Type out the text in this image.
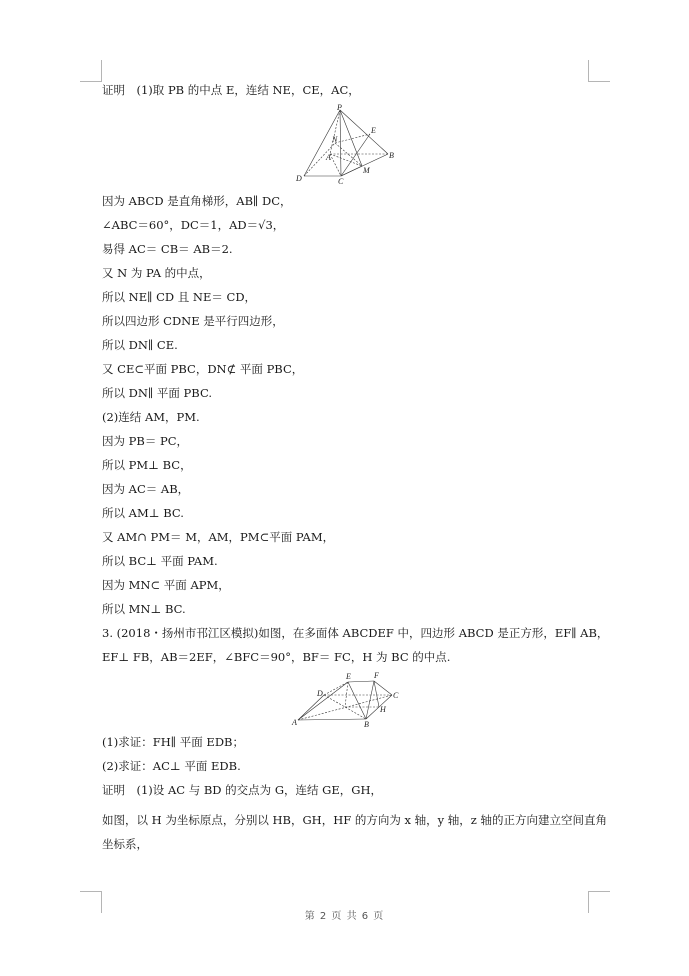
证明　(1)取 PB 的中点 E，连结 NE，CE，AC，
P
E
N
A	B
D	C
M
因为 ABCD 是直角梯形，AB∥ DC，
∠ABC＝60°，DC＝1，AD＝√3，
易得 AC＝ CB＝ AB＝2.
又 N 为 PA 的中点，
所以 NE∥ CD 且 NE＝ CD，
所以四边形 CDNE 是平行四边形，
所以 DN∥ CE.
又 CE⊂平面 PBC，DN⊄ 平面 PBC，
所以 DN∥ 平面 PBC.
(2)连结 AM，PM.
因为 PB＝ PC，
所以 PM⊥ BC，
因为 AC＝ AB，
所以 AM⊥ BC.
又 AM∩ PM＝ M，AM，PM⊂平面 PAM，
所以 BC⊥ 平面 PAM.
因为 MN⊂ 平面 APM，
所以 MN⊥ BC.
3. (2018・扬州市邗江区模拟)如图，在多面体 ABCDEF 中，四边形 ABCD 是正方形，EF∥ AB，
EF⊥ FB，AB＝2EF，∠BFC＝90°，BF＝ FC，H 为 BC 的中点.
F
E
D	C
H
A	B
(1)求证：FH∥ 平面 EDB；
(2)求证：AC⊥ 平面 EDB.
证明　(1)设 AC 与 BD 的交点为 G，连结 GE，GH，
如图，以 H 为坐标原点，分别以 HB，GH，HF 的方向为 x 轴，y 轴，z 轴的正方向建立空间直角
坐标系，
第 2 页 共 6 页
